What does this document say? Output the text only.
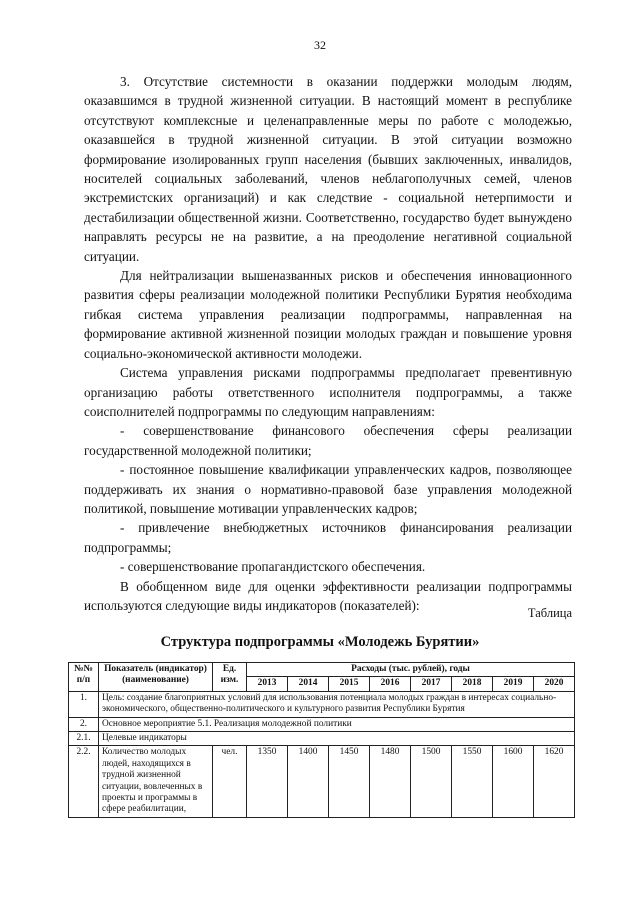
32

3. Отсутствие системности в оказании поддержки молодым людям, оказавшимся в трудной жизненной ситуации. В настоящий момент в республике отсутствуют комплексные и целенаправленные меры по работе с молодежью, оказавшейся в трудной жизненной ситуации. В этой ситуации возможно формирование изолированных групп населения (бывших заключенных, инвалидов, носителей социальных заболеваний, членов неблагополучных семей, членов экстремистских организаций) и как следствие - социальной нетерпимости и дестабилизации общественной жизни. Соответственно, государство будет вынуждено направлять ресурсы не на развитие, а на преодоление негативной социальной ситуации.

Для нейтрализации вышеназванных рисков и обеспечения инновационного развития сферы реализации молодежной политики Республики Бурятия необходима гибкая система управления реализации подпрограммы, направленная на формирование активной жизненной позиции молодых граждан и повышение уровня социально-экономической активности молодежи.

Система управления рисками подпрограммы предполагает превентивную организацию работы ответственного исполнителя подпрограммы, а также соисполнителей подпрограммы по следующим направлениям:

- совершенствование финансового обеспечения сферы реализации государственной молодежной политики;

- постоянное повышение квалификации управленческих кадров, позволяющее поддерживать их знания о нормативно-правовой базе управления молодежной политикой, повышение мотивации управленческих кадров;

- привлечение внебюджетных источников финансирования реализации подпрограммы;

- совершенствование пропагандистского обеспечения.

В обобщенном виде для оценки эффективности реализации подпрограммы используются следующие виды индикаторов (показателей):

Таблица
Структура подпрограммы «Молодежь Бурятии»
№№ п/п	Показатель (индикатор) (наименование)	Ед. изм.	Расходы (тыс. рублей), годы							
			2013	2014	2015	2016	2017	2018	2019	2020
1.	Цель: создание благоприятных условий для использования потенциала молодых граждан в интересах социально-экономического, общественно-политического и культурного развития Республики Бурятия									
2.	Основное мероприятие 5.1. Реализация молодежной политики									
2.1.	Целевые индикаторы									
2.2.	Количество молодых людей, находящихся в трудной жизненной ситуации, вовлеченных в проекты и программы в сфере реабилитации,	чел.	1350	1400	1450	1480	1500	1550	1600	1620
